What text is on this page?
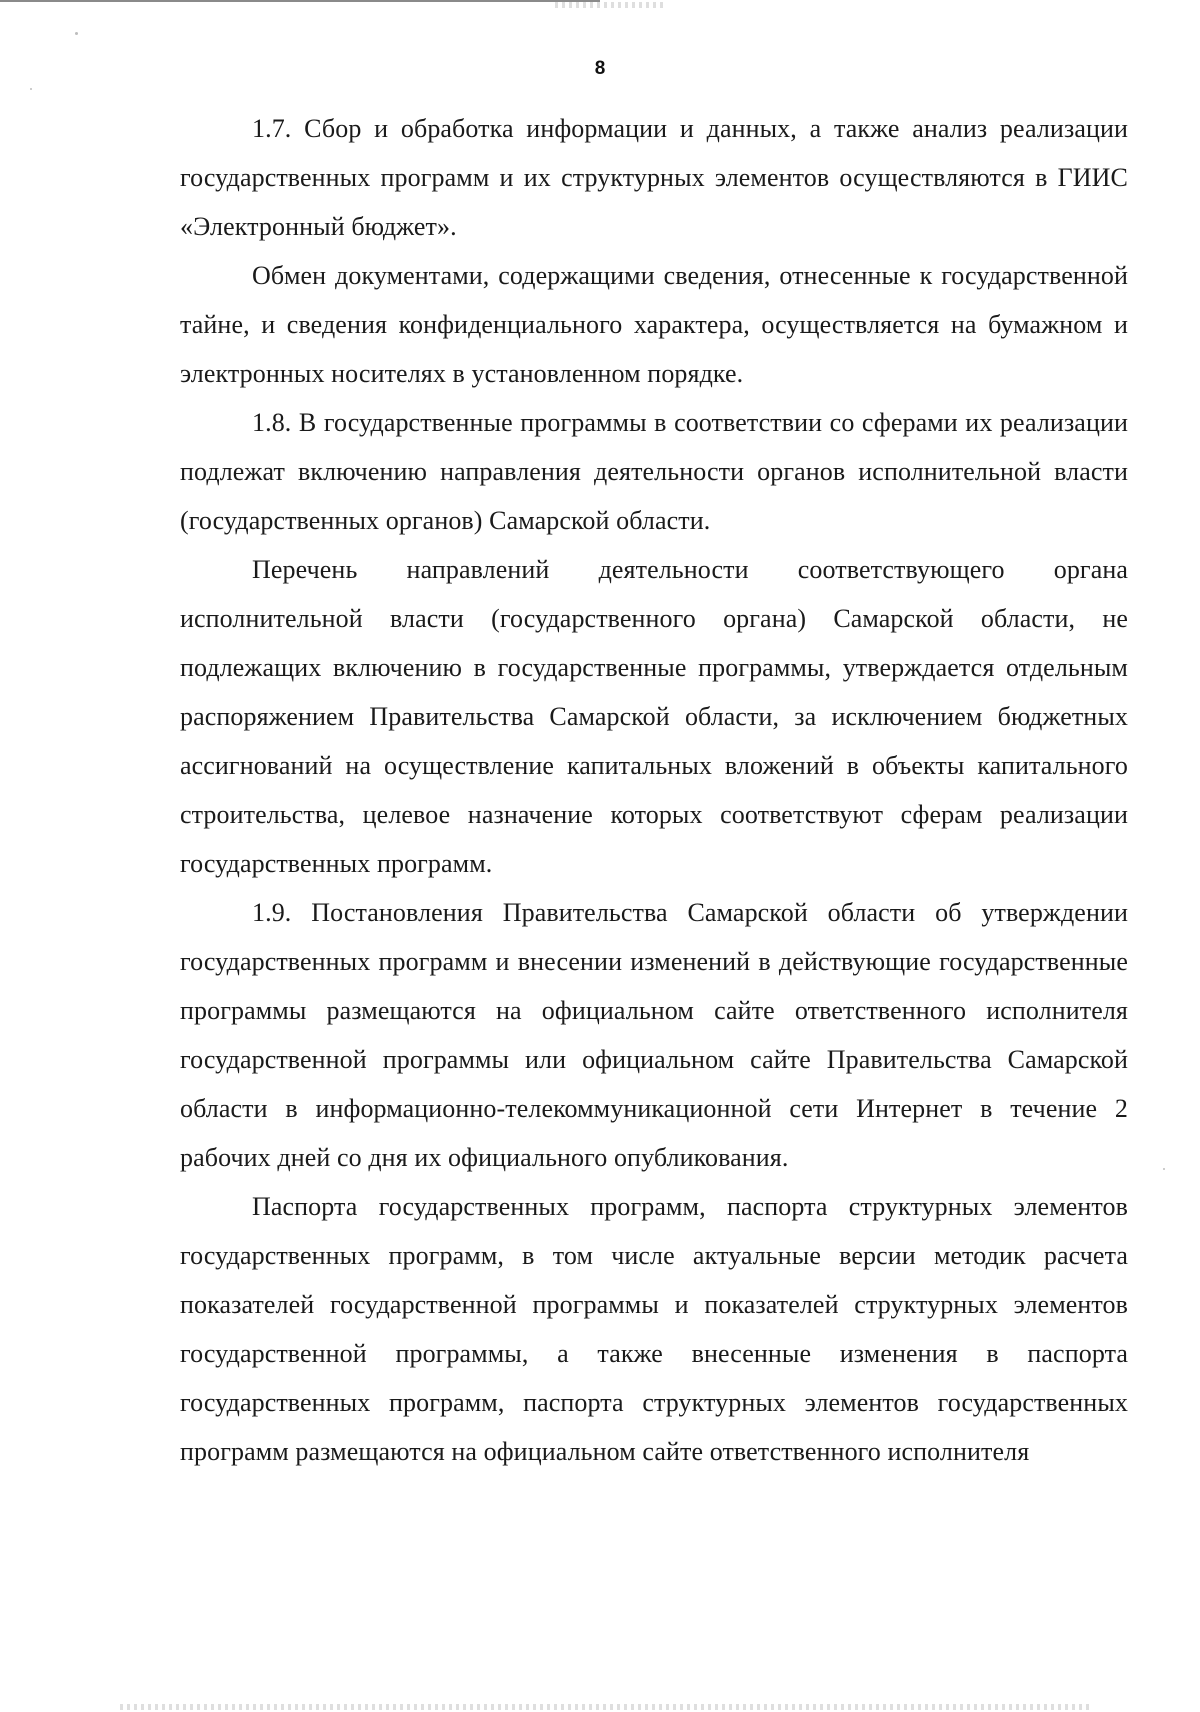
8

1.7. Сбор и обработка информации и данных, а также анализ реализации государственных программ и их структурных элементов осуществляются в ГИИС «Электронный бюджет».

Обмен документами, содержащими сведения, отнесенные к государственной тайне, и сведения конфиденциального характера, осуществляется на бумажном и электронных носителях в установленном порядке.

1.8. В государственные программы в соответствии со сферами их реализации подлежат включению направления деятельности органов исполнительной власти (государственных органов) Самарской области.

Перечень направлений деятельности соответствующего органа исполнительной власти (государственного органа) Самарской области, не подлежащих включению в государственные программы, утверждается отдельным распоряжением Правительства Самарской области, за исключением бюджетных ассигнований на осуществление капитальных вложений в объекты капитального строительства, целевое назначение которых соответствуют сферам реализации государственных программ.

1.9. Постановления Правительства Самарской области об утверждении государственных программ и внесении изменений в действующие государственные программы размещаются на официальном сайте ответственного исполнителя государственной программы или официальном сайте Правительства Самарской области в информационно-телекоммуникационной сети Интернет в течение 2 рабочих дней со дня их официального опубликования.

Паспорта государственных программ, паспорта структурных элементов государственных программ, в том числе актуальные версии методик расчета показателей государственной программы и показателей структурных элементов государственной программы, а также внесенные изменения в паспорта государственных программ, паспорта структурных элементов государственных программ размещаются на официальном сайте ответственного исполнителя
